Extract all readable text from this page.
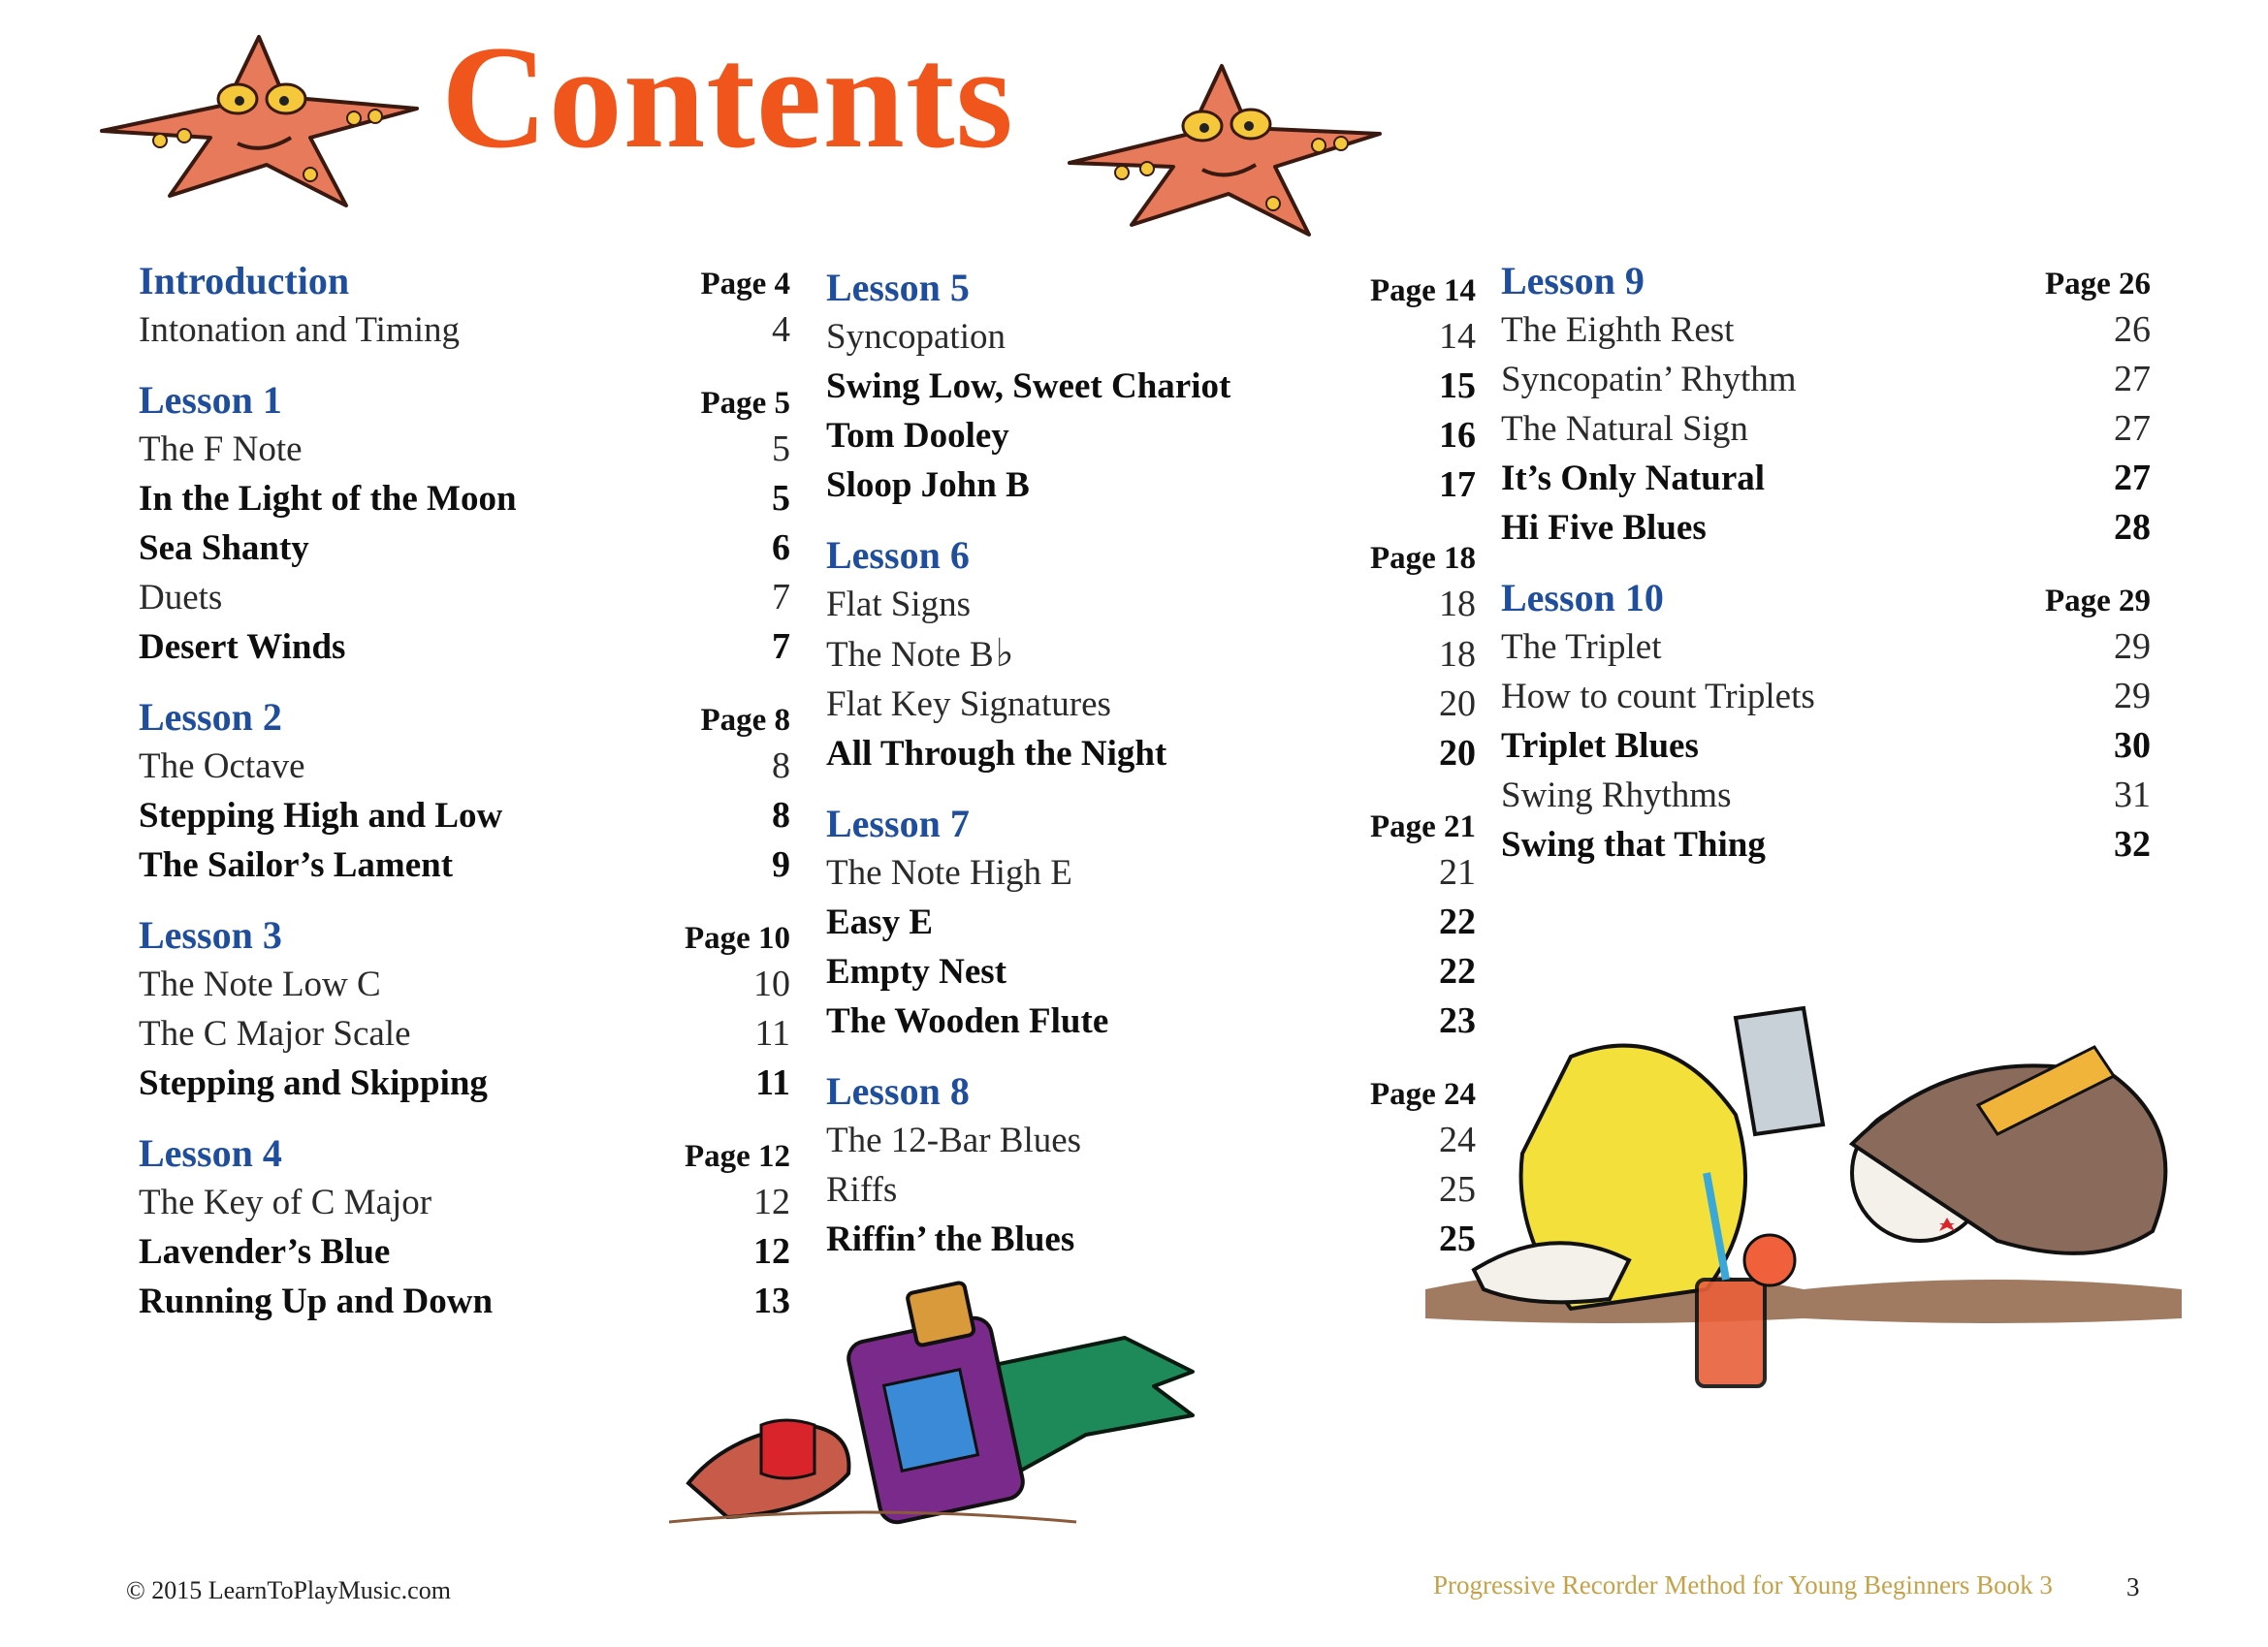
Contents
Introduction	Page 4
Intonation and Timing	4
Lesson 1	Page 5
The F Note	5
In the Light of the Moon	5
Sea Shanty	6
Duets	7
Desert Winds	7
Lesson 2	Page 8
The Octave	8
Stepping High and Low	8
The Sailor’s Lament	9
Lesson 3	Page 10
The Note Low C	10
The C Major Scale	11
Stepping and Skipping	11
Lesson 4	Page 12
The Key of C Major	12
Lavender’s Blue	12
Running Up and Down	13
Lesson 5	Page 14
Syncopation	14
Swing Low, Sweet Chariot	15
Tom Dooley	16
Sloop John B	17
Lesson 6	Page 18
Flat Signs	18
The Note B♭	18
Flat Key Signatures	20
All Through the Night	20
Lesson 7	Page 21
The Note High E	21
Easy E	22
Empty Nest	22
The Wooden Flute	23
Lesson 8	Page 24
The 12-Bar Blues	24
Riffs	25
Riffin’ the Blues	25
Lesson 9	Page 26
The Eighth Rest	26
Syncopatin’ Rhythm	27
The Natural Sign	27
It’s Only Natural	27
Hi Five Blues	28
Lesson 10	Page 29
The Triplet	29
How to count Triplets	29
Triplet Blues	30
Swing Rhythms	31
Swing that Thing	32
© 2015 LearnToPlayMusic.com	Progressive Recorder Method for Young Beginners Book 3	3
